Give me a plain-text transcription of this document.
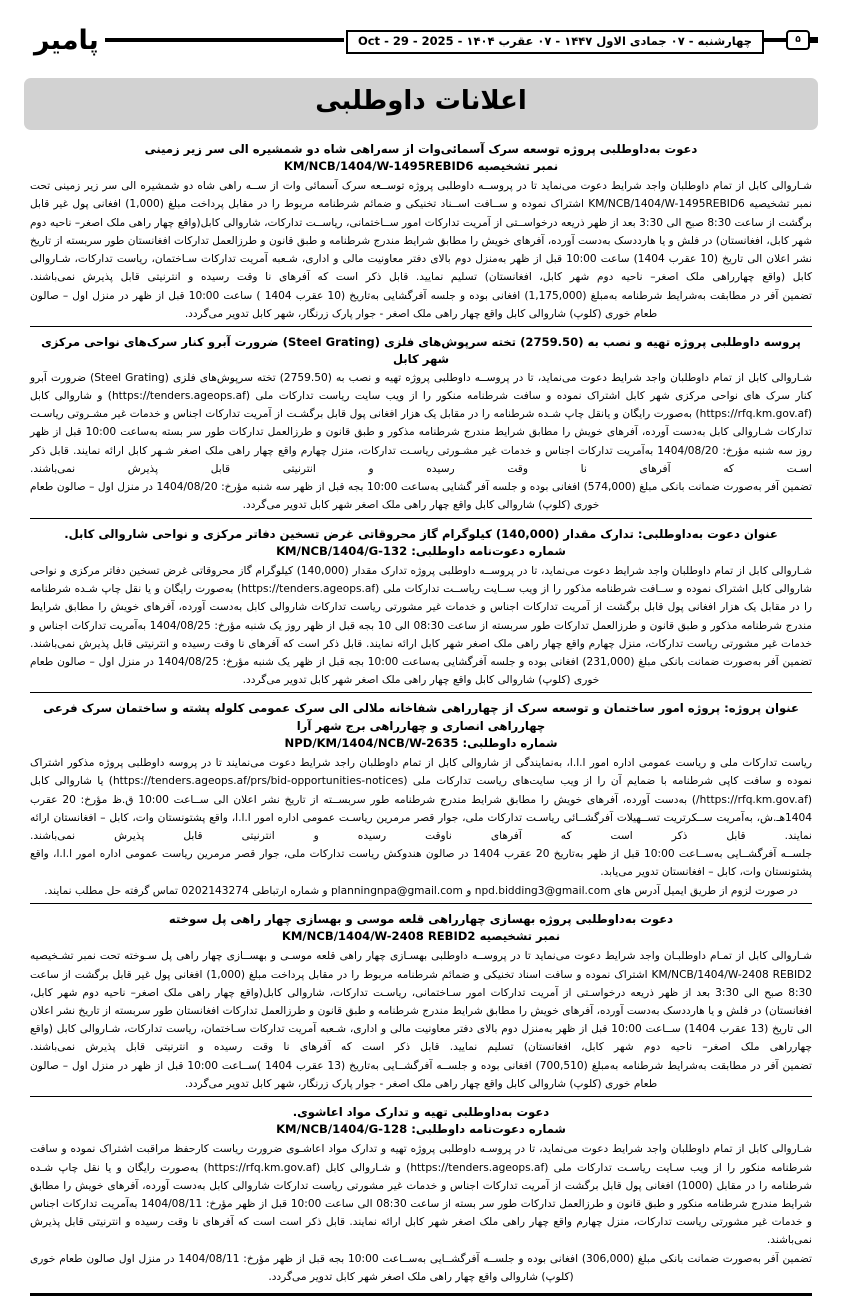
پامیر	چهارشنبه - ۰۷ جمادی الاول ۱۴۴۷ - ۰۷ عقرب ۱۴۰۴ - Oct - 29 - 2025	۵
اعلانات داوطلبی
دعوت به‌داوطلبی پروژه توسعه سرک آسمائی‌وات از سه‌راهی شاه دو شمشیره الی سر زیر زمینی
نمبر تشخیصیه KM/NCB/1404/W-1495REBID6

شـاروالی کابل از تمام داوطلبان واجد شرایط دعوت می‌نماید تا در پروســه داوطلبی پروژه توســعه سرک آسمائی وات از ســه راهی شاه دو شمشیره الی سر زیر زمینی تحت نمبر تشخیصیه KM/NCB/1404/W-1495REBID6 اشتراک نموده و ســافت اســناد تخنیکی و ضمائم شرطنامه مربوط را در مقابل پرداخت مبلغ (1,000) افغانی پول غیر قابل برگشت از ساعت 8:30 صبح الی 3:30 بعد از ظهر ذریعه درخواســتی از آمریت تدارکات امور ســاختمانی، ریاســت تدارکات، شاروالی کابل(واقع چهار راهی ملک اصغر– ناحیه دوم شهر کابل، افغانستان) در فلش و یا هارددسک به‌دست آورده، آفرهای خویش را مطابق شرایط مندرج شرطنامه و طبق قانون و طرزالعمل تدارکات افغانستان طور سربسته از تاریخ نشر اعلان الی تاریخ (10 عقرب 1404) ساعت 10:00 قبل از ظهر به‌منزل دوم بالای دفتر معاونیت مالی و اداری، شـعبه آمریت تدارکات سـاختمان، ریاست تدارکات، شـاروالی کابل (واقع چهارراهی ملک اصغر– ناحیه دوم شهر کابل، افغانستان) تسلیم نمایید. قابل ذکر است که آفرهای نا وقت رسیده و انترنیتی قابل پذیرش نمی‌باشند.

تضمین آفر در مطابقت به‌شرایط شرطنامه به‌مبلغ (1,175,000) افغانی بوده و جلسه آفرگشایی به‌تاریخ (10 عقرب 1404 ) ساعت 10:00 قبل از ظهر در منزل اول – صالون طعام خوری (کلوپ) شاروالی کابل واقع چهار راهی ملک اصغر - جوار پارک زرنگار، شهر کابل تدویر می‌گردد.

پروسه داوطلبی پروژه تهیه و نصب به (2759.50) تخته سرپوش‌های فلزی (Steel Grating) ضرورت آبرو کنار سرک‌های نواحی مرکزی شهر کابل

شـاروالی کابل از تمام داوطلبان واجد شرایط دعوت می‌نماید، تا در پروســه داوطلبی پروژه تهیه و نصب به (2759.50) تخته سرپوش‌های فلزی (Steel Grating) ضرورت آبرو کنار سرک های نواحی مرکزی شهر کابل اشتراک نموده و سافت شرطنامه منکور را از ویب سایت ریاست تدارکات ملی (https://tenders.ageops.af) و شاروالی کابل (https://rfq.km.gov.af) به‌صورت رایگان و یا‌نقل چاپ شـده شرطنامه را در مقابل یک هزار افغانی پول قابل برگشـت از آمریت تدارکات اجناس و خدمات غیر مشـروتی ریاسـت تدارکات شـاروالی کابل به‌دست آورده، آفرهای خویش را مطابق شرایط مندرج شرطنامه مذکور و طبق قانون و طرزالعمل تدارکات طور سر بسته به‌ساعت 10:00 قبل از ظهر روز سه شنبه مؤرخ: 1404/08/20 به‌آمریت تدارکات اجناس و خدمات غیر مشـورتی ریاسـت تدارکات، منزل چهارم واقع چهار راهی ملک اصغر شـهر کابل ارائه نمایند. قابل ذکر اسـت که آفرهای نا وقت رسیده و انترنیتی قابل پذیرش نمی‌باشند.

تضمین آفر به‌صورت ضمانت بانکی مبلغ (574,000) افغانی بوده و جلسه آفر گشایی به‌ساعت 10:00 بجه قبل از ظهر سه شنبه مؤرخ: 1404/08/20 در منزل اول – صالون طعام خوری (کلوپ) شاروالی کابل واقع چهار راهی ملک اصغر شهر کابل تدویر می‌گردد.

عنوان دعوت به‌داوطلبی: تدارک مقدار (140,000) کیلوگرام گاز محروقاتی غرض تسخین دفاتر مرکزی و نواحی شاروالی کابل.
شماره دعوت‌نامه داوطلبی: KM/NCB/1404/G-132

شـاروالی کابل از تمام داوطلبان واجد شرایط دعوت می‌نماید، تا در پروســه داوطلبی پروژه تدارک مقدار (140,000) کیلوگرام گاز محروقاتی غرض تسخین دفاتر مرکزی و نواحی شاروالی کابل اشتراک نموده و ســافت شرطنامه مذکور را از ویب ســایت ریاســت تدارکات ملی (https://tenders.ageops.af) به‌صورت رایگان و یا نقل چاپ شـده شرطنامه را در مقابل یک هزار افغانی پول قابل برگشت از آمریت تدارکات اجناس و خدمات غیر مشورتی ریاست تدارکات شاروالی کابل به‌دست آورده، آفرهای خویش را مطابق شرایط مندرج شرطنامه مذکور و طبق قانون و طرزالعمل تدارکات طور سربسته از ساعت 08:30 الی 10 بجه قبل از ظهر روز یک شنبه مؤرخ: 1404/08/25 به‌آمریت تدارکات اجناس و خدمات غیر مشورتی ریاست تدارکات، منزل چهارم واقع چهار راهی ملک اصغر شهر کابل ارائه نمایند. قابل ذکر است که آفرهای نا وقت رسیده و انترنیتی قابل پذیرش نمی‌باشند.

تضمین آفر به‌صورت ضمانت بانکی مبلغ (231,000) افغانی بوده و جلسه آفرگشایی به‌ساعت 10:00 بجه قبل از ظهر یک شنبه مؤرخ: 1404/08/25 در منزل اول – صالون طعام خوری (کلوپ) شاروالی کابل واقع چهار راهی ملک اصغر شهر کابل تدویر می‌گردد.

عنوان پروژه: پروژه امور ساختمان و توسعه سرک از چهارراهی شفاخانه ملالی الی سرک عمومی کلوله پشته و ساختمان سرک فرعی چهارراهی انصاری و چهارراهی برج شهر آرا
شماره داوطلبی: NPD/KM/1404/NCB/W-2635

ریاست تدارکات ملی و ریاست عمومی اداره امور ا.ا.ا، به‌نمایندگی از شاروالی کابل از تمام داوطلبان راجد شرایط دعوت می‌نمایند تا در پروسه داوطلبی پروژه مذکور اشتراک نموده و سافت کاپی شرطنامه با ضمایم آن را از ویب سایت‌های ریاست تدارکات ملی (https://tenders.ageops.af/prs/bid-opportunities-notices) یا شاروالی کابل (https://rfq.km.gov.af/) به‌دست آورده، آفرهای خویش را مطابق شرایط مندرج شرطنامه طور سربســته از تاریخ نشر اعلان الی ســاعت 10:00 ق.ظ مؤرخ: 20 عقرب 1404هـ.ش، به‌آمریت ســکرتریت تســهیلات آفرگشــائی ریاسـت تدارکات ملی، جوار قصر مرمرین ریاسـت عمومی اداره امور ا.ا.ا، واقع پشتونستان وات، کابل – افغانستان ارائه نمایند. قابل ذکر است که آفرهای ناوقت رسیده و انترنیتی قابل پذیرش نمی‌باشند.

جلســه آفرگشــایی به‌ســاعت 10:00 قبل از ظهر به‌تاریخ 20 عقرب 1404 در صالون هندوکش ریاست تدارکات ملی، جوار قصر مرمرین ریاست عمومی اداره امور ا.ا.ا، واقع پشتونستان وات، کابل – افغانستان تدویر می‌یابد.

در صورت لزوم از طریق ایمیل آدرس های npd.bidding3@gmail.com و planningnpa@gmail.com و شماره ارتباطی 0202143274 تماس گرفته حل مطلب نمایند.

دعوت به‌داوطلبی پروژه بهسازی چهارراهی قلعه موسی و بهسازی چهار راهی پل سوخته
نمبر تشخیصیه KM/NCB/1404/W-2408 REBID2

شـاروالی کابل از تمـام داوطلبـان واجد شرایط دعوت می‌نماید تا در پروســه داوطلبی بهسـازی چهار راهی قلعه موسـی و بهســازی چهار راهی پل سـوخته تحت نمبر تشـخیصیه KM/NCB/1404/W-2408 REBID2 اشتراک نموده و سافت اسناد تخنیکی و ضمائم شرطنامه مربوط را در مقابل پرداخت مبلغ (1,000) افغانی پول غیر قابل برگشت از ساعت 8:30 صبح الی 3:30 بعد از ظهر ذریعه درخواسـتی از آمریت تدارکات امور سـاختمانی، ریاسـت تدارکات، شاروالی کابل(واقع چهار راهی ملک اصغر– ناحیه دوم شهر کابل، افغانستان) در فلش و یا هارددسک به‌دست آورده، آفرهای خویش را مطابق شرایط مندرج شرطنامه و طبق قانون و طرزالعمل تدارکات افغانستان طور سربسته از تاریخ نشر اعلان الی تاریخ (13 عقرب 1404) ســاعت 10:00 قبل از ظهر به‌منزل دوم بالای دفتر معاونیت مالی و اداری، شـعبه آمریت تدارکات سـاختمان، ریاست تدارکات، شـاروالی کابل (واقع چهارراهی ملک اصغر– ناحیه دوم شهر کابل، افغانستان) تسلیم نمایید. قابل ذکر است که آفرهای نا وقت رسیده و انترنیتی قابل پذیرش نمی‌باشند.

تضمین آفر در مطابقت به‌شرایط شرطنامه به‌مبلغ (700,510) افغانی بوده و جلســه آفرگشــایی به‌تاریخ (13 عقرب 1404 )ســاعت 10:00 قبل از ظهر در منزل اول – صالون طعام خوری (کلوپ) شاروالی کابل واقع چهار راهی ملک اصغر - جوار پارک زرنگار، شهر کابل تدویر می‌گردد.

دعوت به‌داوطلبی تهیه و تدارک مواد اعاشوی.
شماره دعوت‌نامه داوطلبی: KM/NCB/1404/G-128

شـاروالی کابل از تمام داوطلبان واجد شرایط دعوت می‌نماید، تا در پروسـه داوطلبی پروژه تهیه و تدارک مواد اعاشـوی ضرورت ریاست کارحفظ مراقبت اشتراک نموده و سافت شرطنامه منکور را از ویب سـایت ریاسـت تدارکات ملی (https://tenders.ageops.af) و شـاروالی کابل (https://rfq.km.gov.af) به‌صورت رایگان و یا نقل چاپ شـده شرطنامه را در مقابل (1000) افغانی پول قابل برگشت از آمریت تدارکات اجناس و خدمات غیر مشورتی ریاست تدارکات شاروالی کابل به‌دست آورده، آفرهای خویش را مطابق شرایط مندرج شرطنامه منکور و طبق قانون و طرزالعمل تدارکات طور سر بسته از ساعت 08:30 الی ساعت 10:00 قبل از ظهر مؤرخ: 1404/08/11 به‌آمریت تدارکات اجناس و خدمات غیر مشورتی ریاست تدارکات، منزل چهارم واقع چهار راهی ملک اصغر شهر کابل ارائه نمایند. قابل ذکر است است که آفرهای نا وقت رسیده و انترنیتی قابل پذیرش نمی‌باشند.

تضمین آفر به‌صورت ضمانت بانکی مبلغ (306,000) افغانی بوده و جلســه آفرگشــایی به‌ســاعت 10:00 بجه قبل از ظهر مؤرخ: 1404/08/11 در منزل اول صالون طعام خوری (کلوپ) شاروالی واقع چهار راهی ملک اصغر شهر کابل تدویر می‌گردد.
